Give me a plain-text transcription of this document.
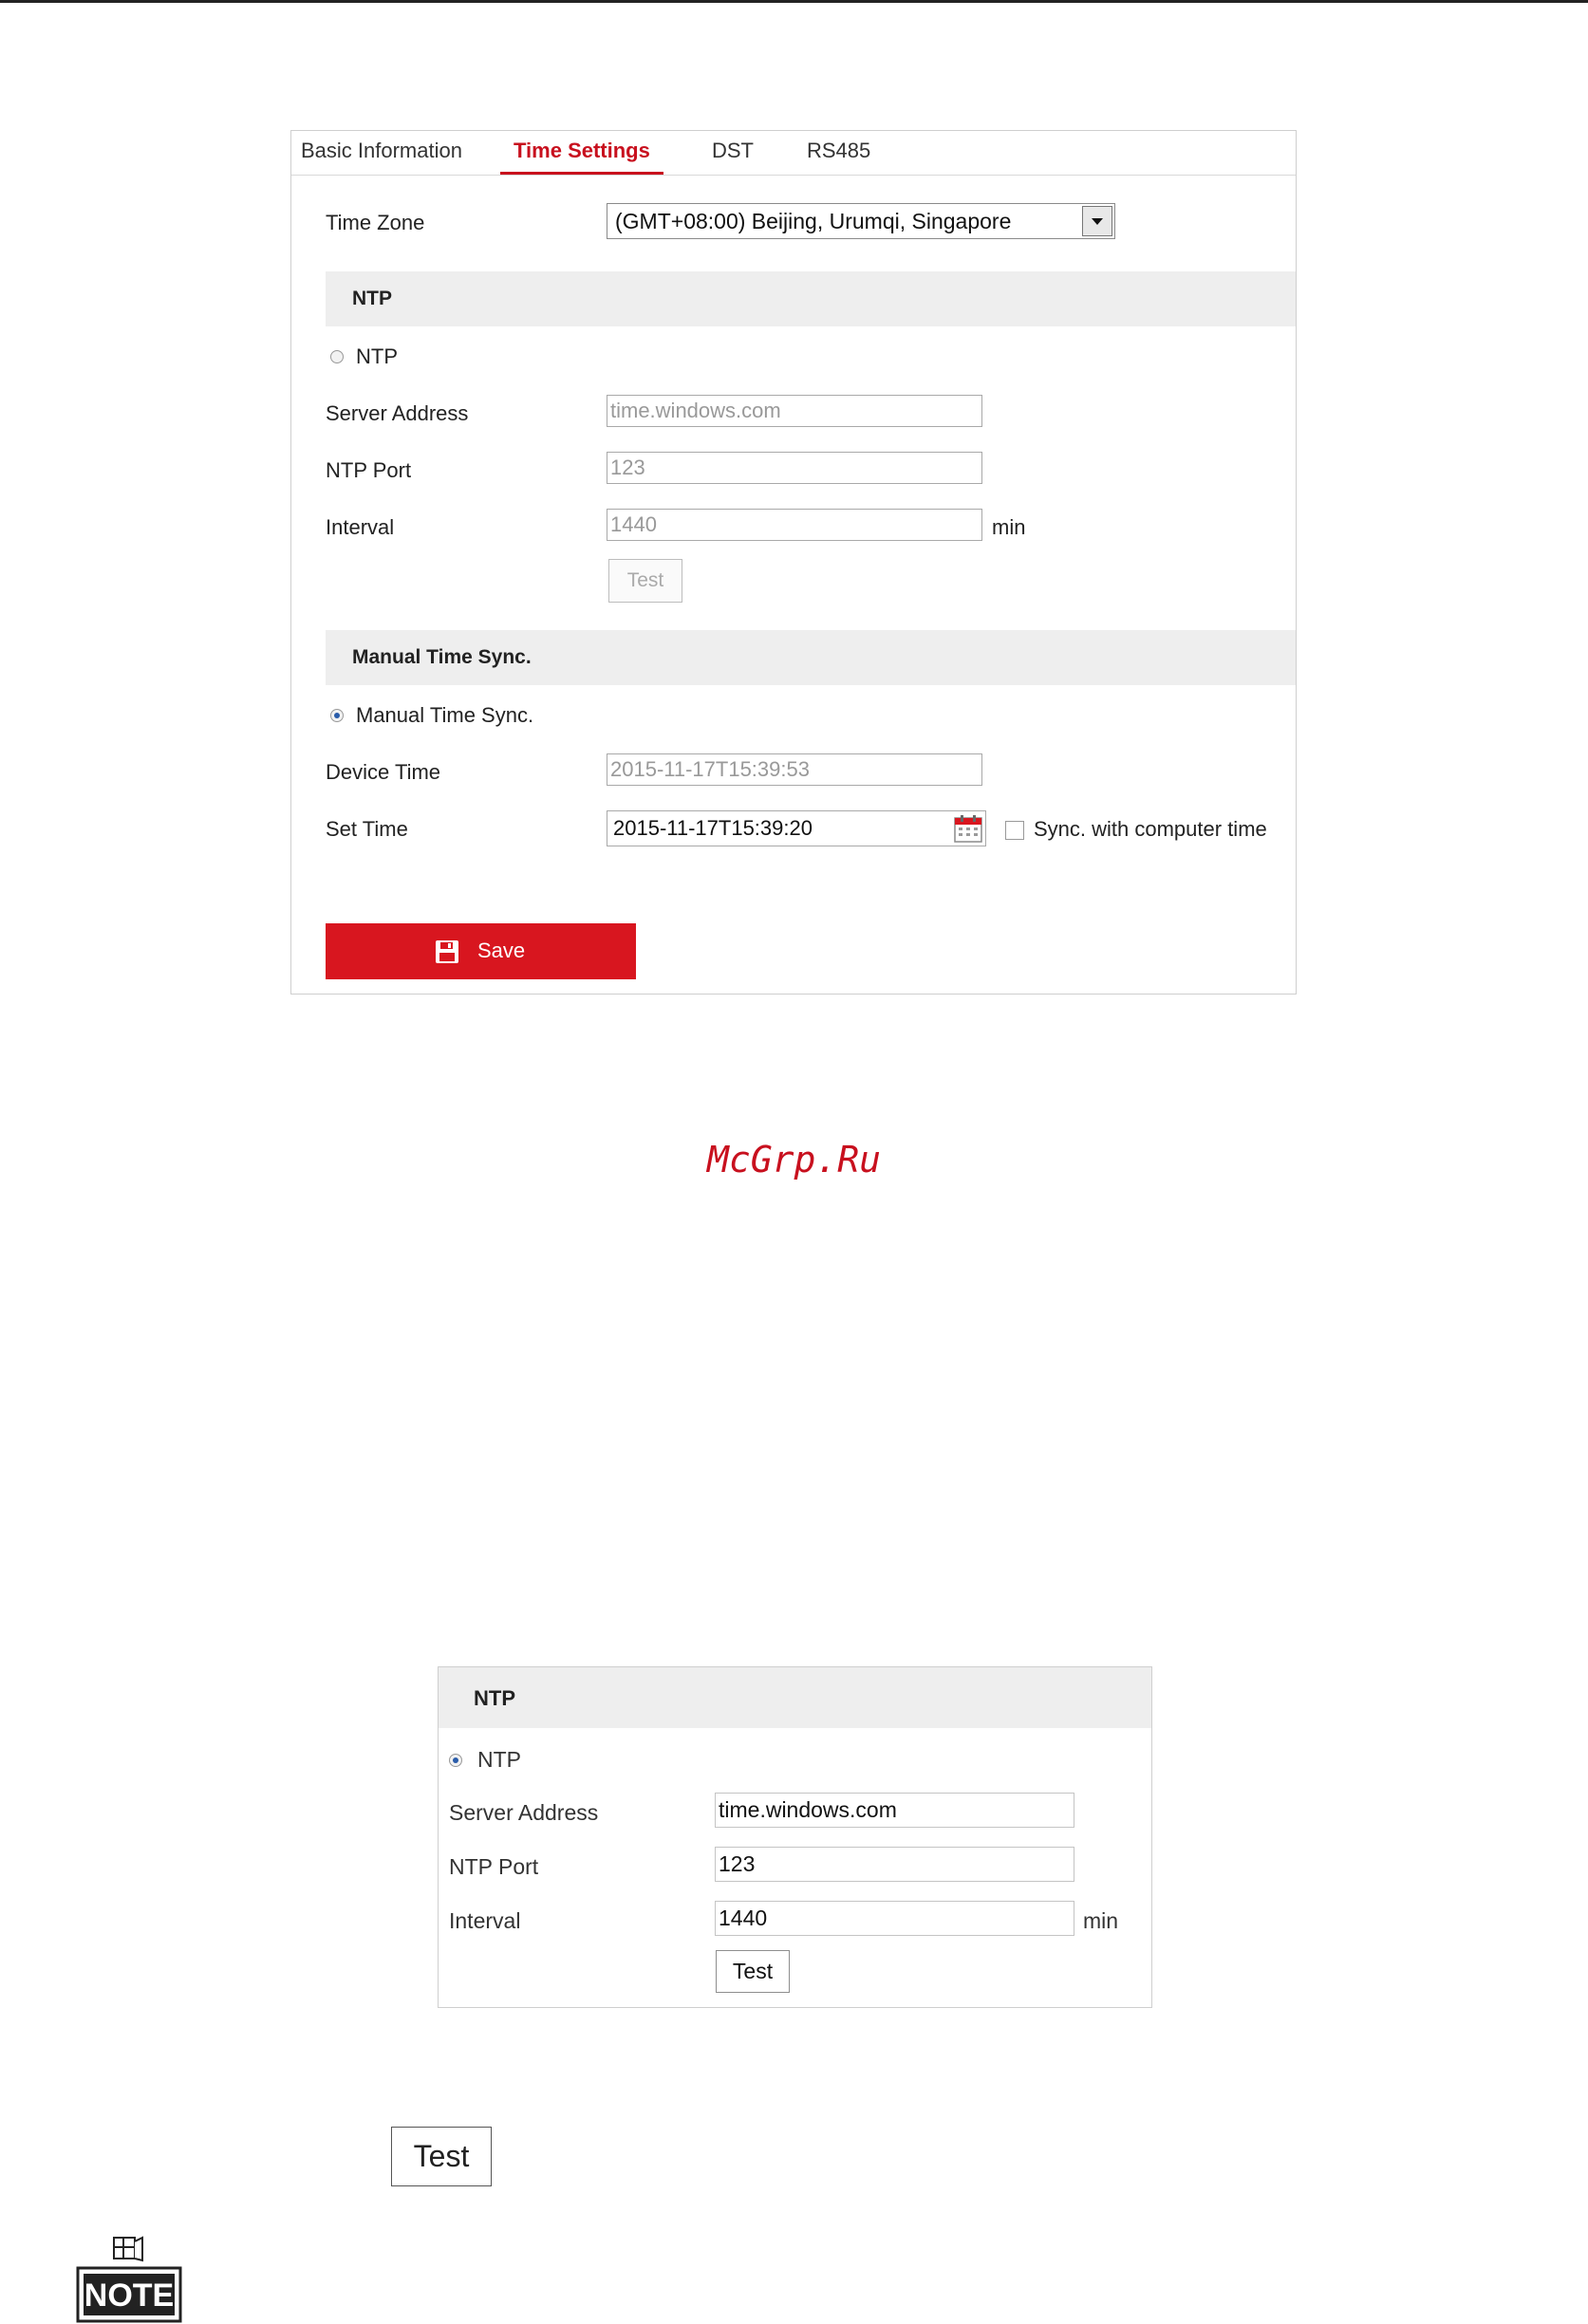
Basic Information	Time Settings	DST	RS485
Time Zone	(GMT+08:00) Beijing, Urumqi, Singapore
NTP
NTP
Server Address	time.windows.com
NTP Port	123
Interval	1440	min
Test
Manual Time Sync.
Manual Time Sync.
Device Time	2015-11-17T15:39:53
Set Time	2015-11-17T15:39:20	Sync. with computer time
Save
McGrp.Ru
NTP
NTP
Server Address	time.windows.com
NTP Port	123
Interval	1440	min
Test
Test
NOTE
